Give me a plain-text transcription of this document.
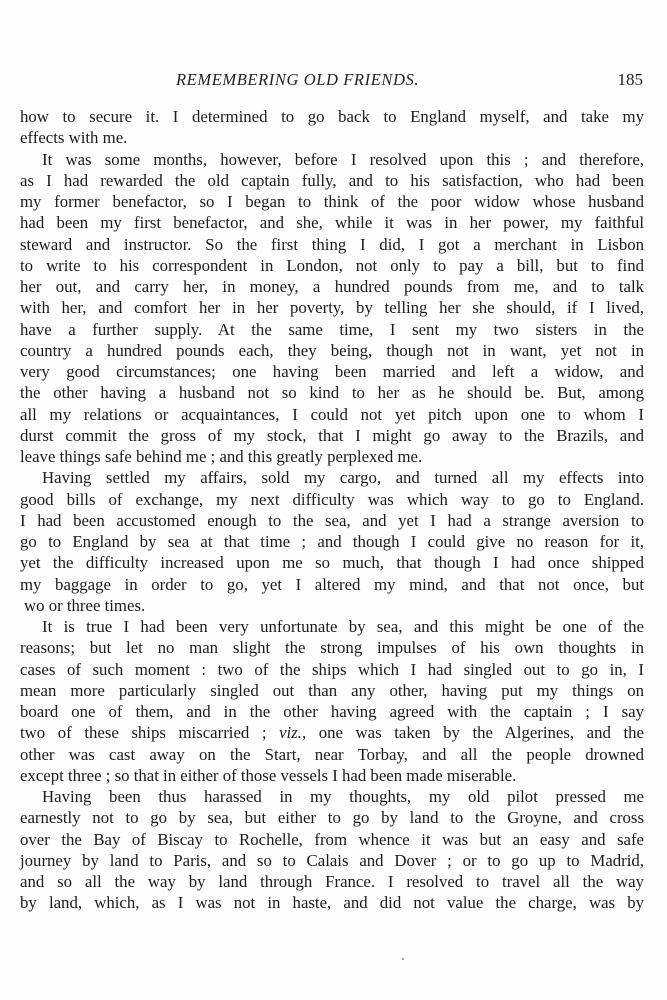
REMEMBERING OLD FRIENDS.	185
how to secure it. I determined to go back to England myself, and take my
effects with me.
It was some months, however, before I resolved upon this ; and therefore,
as I had rewarded the old captain fully, and to his satisfaction, who had been
my former benefactor, so I began to think of the poor widow whose husband
had been my first benefactor, and she, while it was in her power, my faithful
steward and instructor. So the first thing I did, I got a merchant in Lisbon
to write to his correspondent in London, not only to pay a bill, but to find
her out, and carry her, in money, a hundred pounds from me, and to talk
with her, and comfort her in her poverty, by telling her she should, if I lived,
have a further supply. At the same time, I sent my two sisters in the
country a hundred pounds each, they being, though not in want, yet not in
very good circumstances; one having been married and left a widow, and
the other having a husband not so kind to her as he should be. But, among
all my relations or acquaintances, I could not yet pitch upon one to whom I
durst commit the gross of my stock, that I might go away to the Brazils, and
leave things safe behind me ; and this greatly perplexed me.
Having settled my affairs, sold my cargo, and turned all my effects into
good bills of exchange, my next difficulty was which way to go to England.
I had been accustomed enough to the sea, and yet I had a strange aversion to
go to England by sea at that time ; and though I could give no reason for it,
yet the difficulty increased upon me so much, that though I had once shipped
my baggage in order to go, yet I altered my mind, and that not once, but
wo or three times.
It is true I had been very unfortunate by sea, and this might be one of the
reasons; but let no man slight the strong impulses of his own thoughts in
cases of such moment : two of the ships which I had singled out to go in, I
mean more particularly singled out than any other, having put my things on
board one of them, and in the other having agreed with the captain ; I say
two of these ships miscarried ; viz., one was taken by the Algerines, and the
other was cast away on the Start, near Torbay, and all the people drowned
except three ; so that in either of those vessels I had been made miserable.
Having been thus harassed in my thoughts, my old pilot pressed me
earnestly not to go by sea, but either to go by land to the Groyne, and cross
over the Bay of Biscay to Rochelle, from whence it was but an easy and safe
journey by land to Paris, and so to Calais and Dover ; or to go up to Madrid,
and so all the way by land through France. I resolved to travel all the way
by land, which, as I was not in haste, and did not value the charge, was by
